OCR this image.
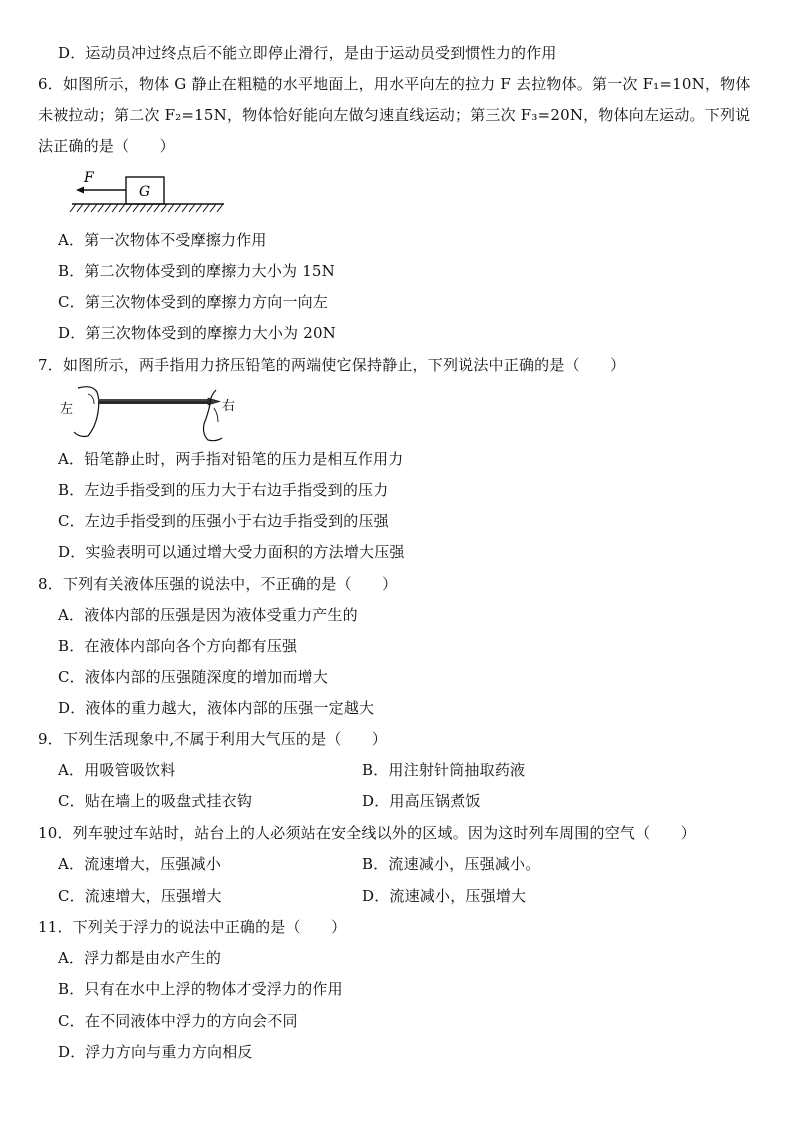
D．运动员冲过终点后不能立即停止滑行，是由于运动员受到惯性力的作用
6．如图所示，物体 G 静止在粗糙的水平地面上，用水平向左的拉力 F 去拉物体。第一次 F₁=10N，物体未被拉动；第二次 F₂=15N，物体恰好能向左做匀速直线运动；第三次 F₃=20N，物体向左运动。下列说法正确的是（　　）
F
G
A．第一次物体不受摩擦力作用
B．第二次物体受到的摩擦力大小为 15N
C．第三次物体受到的摩擦力方向一向左
D．第三次物体受到的摩擦力大小为 20N
7．如图所示，两手指用力挤压铅笔的两端使它保持静止，下列说法中正确的是（　　）
左	右
A．铅笔静止时，两手指对铅笔的压力是相互作用力
B．左边手指受到的压力大于右边手指受到的压力
C．左边手指受到的压强小于右边手指受到的压强
D．实验表明可以通过增大受力面积的方法增大压强
8．下列有关液体压强的说法中，不正确的是（　　）
A．液体内部的压强是因为液体受重力产生的
B．在液体内部向各个方向都有压强
C．液体内部的压强随深度的增加而增大
D．液体的重力越大，液体内部的压强一定越大
9．下列生活现象中,不属于利用大气压的是（　　）
A．用吸管吸饮料	B．用注射针筒抽取药液
C．贴在墙上的吸盘式挂衣钩	D．用高压锅煮饭
10．列车驶过车站时，站台上的人必须站在安全线以外的区域。因为这时列车周围的空气（　　）
A．流速增大，压强减小	B．流速减小，压强减小。
C．流速增大，压强增大	D．流速减小，压强增大
11．下列关于浮力的说法中正确的是（　　）
A．浮力都是由水产生的
B．只有在水中上浮的物体才受浮力的作用
C．在不同液体中浮力的方向会不同
D．浮力方向与重力方向相反
